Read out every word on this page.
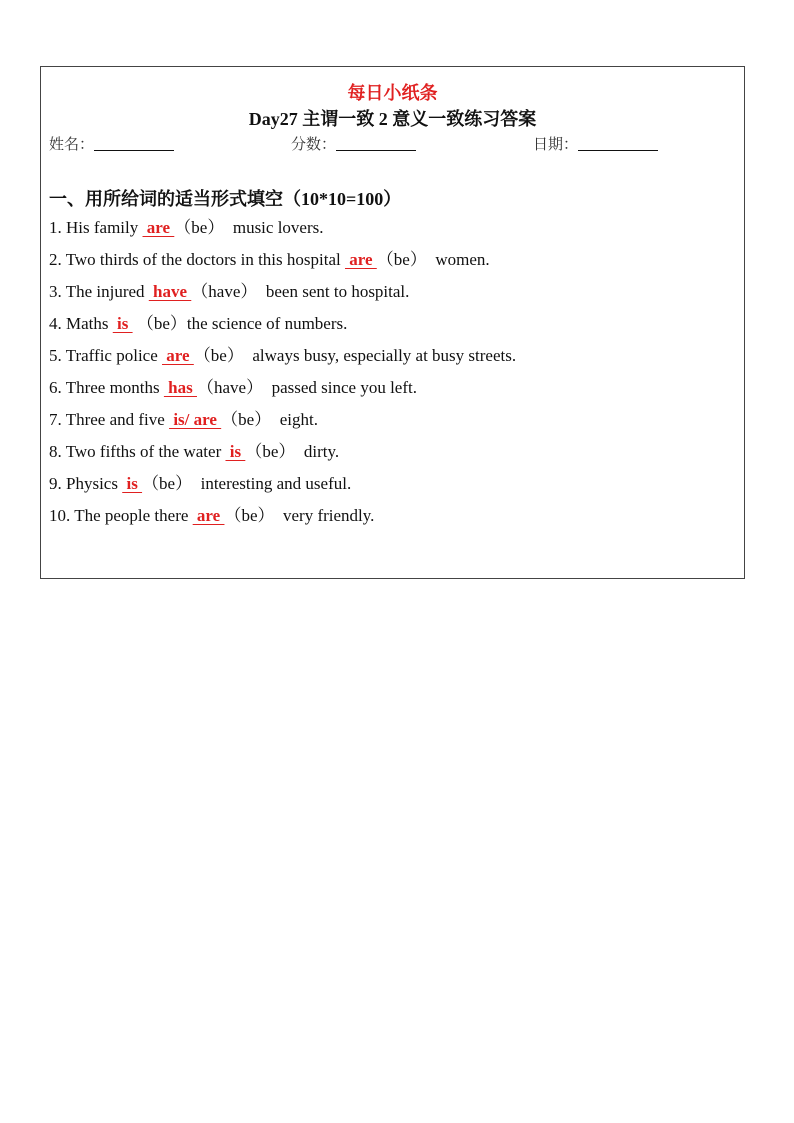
每日小纸条
Day27 主谓一致 2 意义一致练习答案
姓名：	分数：	日期：
一、用所给词的适当形式填空（10*10=100）
1. His family  are （be）  music lovers.
2. Two thirds of the doctors in this hospital  are （be）  women.
3. The injured  have （have）  been sent to hospital.
4. Maths  is  （be）the science of numbers.
5. Traffic police  are （be）  always busy, especially at busy streets.
6. Three months  has （have）  passed since you left.
7. Three and five  is/ are （be）  eight.
8. Two fifths of the water  is （be）  dirty.
9. Physics  is （be）  interesting and useful.
10. The people there  are （be）  very friendly.
